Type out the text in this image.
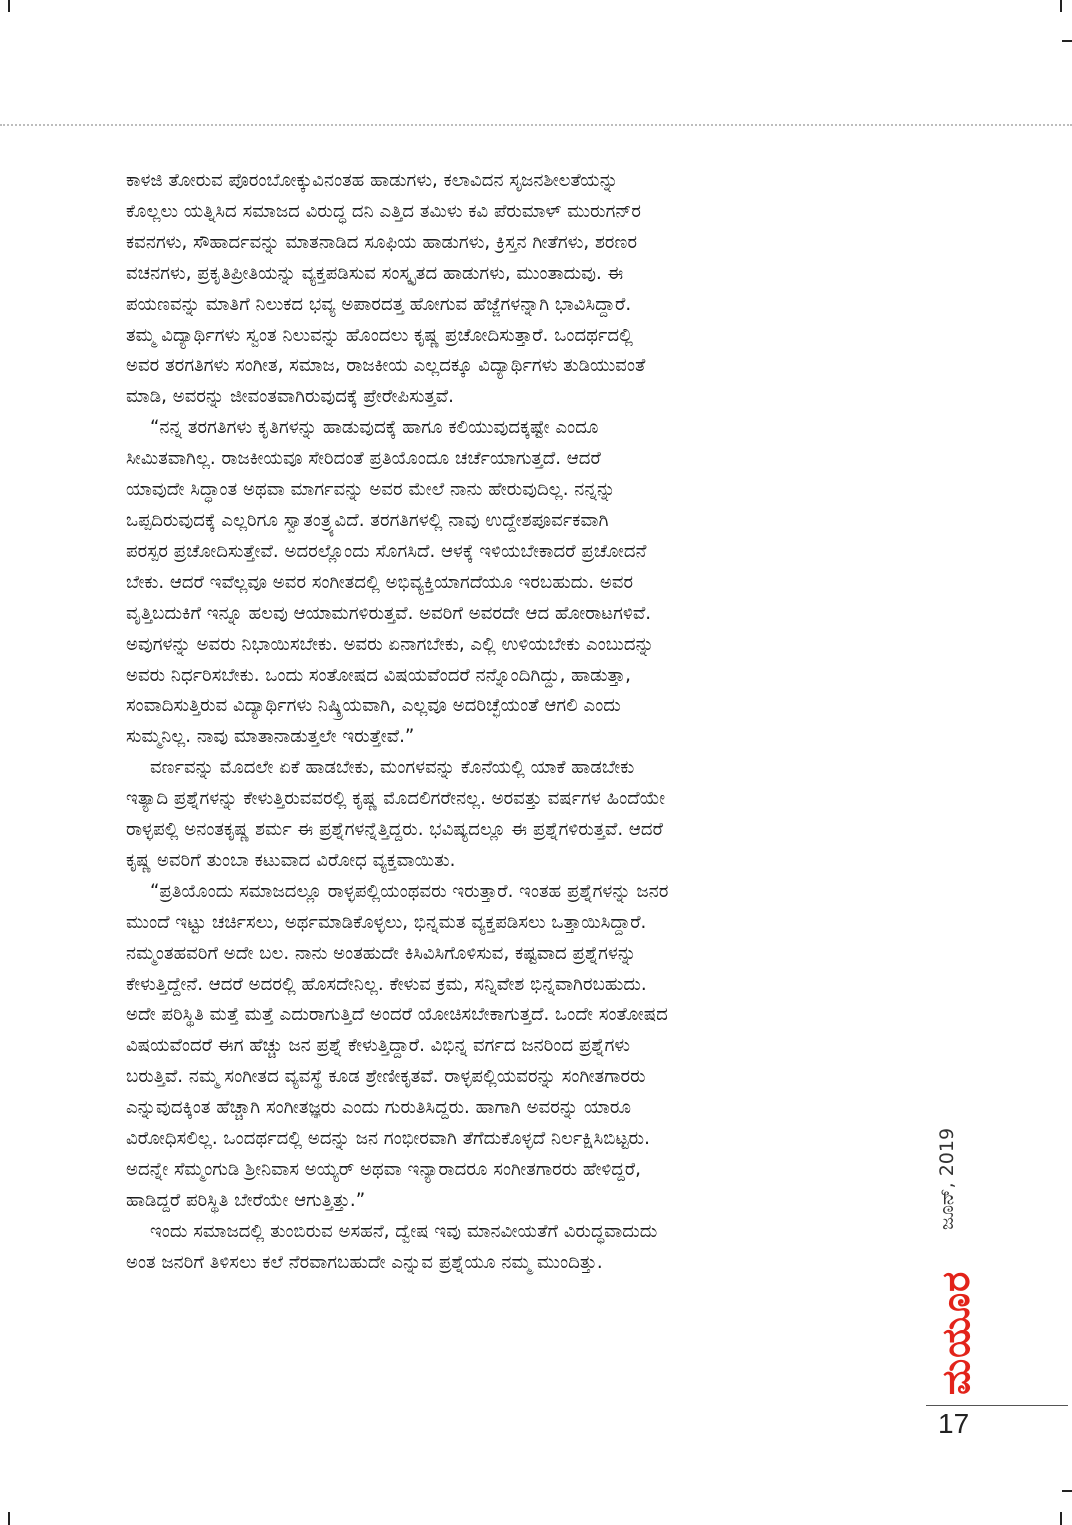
ಕಾಳಜಿ ತೋರುವ ಪೊರಂಬೋಕ್ಕುವಿನಂತಹ ಹಾಡುಗಳು, ಕಲಾವಿದನ ಸೃಜನಶೀಲತೆಯನ್ನು
ಕೊಲ್ಲಲು ಯತ್ನಿಸಿದ ಸಮಾಜದ ವಿರುದ್ಧ ದನಿ ಎತ್ತಿದ ತಮಿಳು ಕವಿ ಪೆರುಮಾಳ್ ಮುರುಗನ್‌ರ
ಕವನಗಳು, ಸೌಹಾರ್ದವನ್ನು ಮಾತನಾಡಿದ ಸೂಫಿಯ ಹಾಡುಗಳು, ಕ್ರಿಸ್ತನ ಗೀತೆಗಳು, ಶರಣರ
ವಚನಗಳು, ಪ್ರಕೃತಿಪ್ರೀತಿಯನ್ನು ವ್ಯಕ್ತಪಡಿಸುವ ಸಂಸ್ಕೃತದ ಹಾಡುಗಳು, ಮುಂತಾದುವು. ಈ
ಪಯಣವನ್ನು ಮಾತಿಗೆ ನಿಲುಕದ ಭವ್ಯ ಅಪಾರದತ್ತ ಹೋಗುವ ಹೆಜ್ಜೆಗಳನ್ನಾಗಿ ಭಾವಿಸಿದ್ದಾರೆ.
ತಮ್ಮ ವಿದ್ಯಾರ್ಥಿಗಳು ಸ್ವಂತ ನಿಲುವನ್ನು ಹೊಂದಲು ಕೃಷ್ಣ ಪ್ರಚೋದಿಸುತ್ತಾರೆ. ಒಂದರ್ಥದಲ್ಲಿ
ಅವರ ತರಗತಿಗಳು ಸಂಗೀತ, ಸಮಾಜ, ರಾಜಕೀಯ ಎಲ್ಲದಕ್ಕೂ ವಿದ್ಯಾರ್ಥಿಗಳು ತುಡಿಯುವಂತೆ
ಮಾಡಿ, ಅವರನ್ನು ಜೀವಂತವಾಗಿರುವುದಕ್ಕೆ ಪ್ರೇರೇಪಿಸುತ್ತವೆ.

“ನನ್ನ ತರಗತಿಗಳು ಕೃತಿಗಳನ್ನು ಹಾಡುವುದಕ್ಕೆ ಹಾಗೂ ಕಲಿಯುವುದಕ್ಕಷ್ಟೇ ಎಂದೂ
ಸೀಮಿತವಾಗಿಲ್ಲ. ರಾಜಕೀಯವೂ ಸೇರಿದಂತೆ ಪ್ರತಿಯೊಂದೂ ಚರ್ಚೆಯಾಗುತ್ತದೆ. ಆದರೆ
ಯಾವುದೇ ಸಿದ್ಧಾಂತ ಅಥವಾ ಮಾರ್ಗವನ್ನು ಅವರ ಮೇಲೆ ನಾನು ಹೇರುವುದಿಲ್ಲ. ನನ್ನನ್ನು
ಒಪ್ಪದಿರುವುದಕ್ಕೆ ಎಲ್ಲರಿಗೂ ಸ್ವಾತಂತ್ರ್ಯವಿದೆ. ತರಗತಿಗಳಲ್ಲಿ ನಾವು ಉದ್ದೇಶಪೂರ್ವಕವಾಗಿ
ಪರಸ್ಪರ ಪ್ರಚೋದಿಸುತ್ತೇವೆ. ಅದರಲ್ಲೊಂದು ಸೊಗಸಿದೆ. ಆಳಕ್ಕೆ ಇಳಿಯಬೇಕಾದರೆ ಪ್ರಚೋದನೆ
ಬೇಕು. ಆದರೆ ಇವೆಲ್ಲವೂ ಅವರ ಸಂಗೀತದಲ್ಲಿ ಅಭಿವ್ಯಕ್ತಿಯಾಗದೆಯೂ ಇರಬಹುದು. ಅವರ
ವೃತ್ತಿಬದುಕಿಗೆ ಇನ್ನೂ ಹಲವು ಆಯಾಮಗಳಿರುತ್ತವೆ. ಅವರಿಗೆ ಅವರದೇ ಆದ ಹೋರಾಟಗಳಿವೆ.
ಅವುಗಳನ್ನು ಅವರು ನಿಭಾಯಿಸಬೇಕು. ಅವರು ಏನಾಗಬೇಕು, ಎಲ್ಲಿ ಉಳಿಯಬೇಕು ಎಂಬುದನ್ನು
ಅವರು ನಿರ್ಧರಿಸಬೇಕು. ಒಂದು ಸಂತೋಷದ ವಿಷಯವೆಂದರೆ ನನ್ನೊಂದಿಗಿದ್ದು, ಹಾಡುತ್ತಾ,
ಸಂವಾದಿಸುತ್ತಿರುವ ವಿದ್ಯಾರ್ಥಿಗಳು ನಿಷ್ಕ್ರಿಯವಾಗಿ, ಎಲ್ಲವೂ ಅದರಿಚ್ಛೆಯಂತೆ ಆಗಲಿ ಎಂದು
ಸುಮ್ಮನಿಲ್ಲ. ನಾವು ಮಾತಾನಾಡುತ್ತಲೇ ಇರುತ್ತೇವೆ.”

ವರ್ಣವನ್ನು ಮೊದಲೇ ಏಕೆ ಹಾಡಬೇಕು, ಮಂಗಳವನ್ನು ಕೊನೆಯಲ್ಲಿ ಯಾಕೆ ಹಾಡಬೇಕು
ಇತ್ಯಾದಿ ಪ್ರಶ್ನೆಗಳನ್ನು ಕೇಳುತ್ತಿರುವವರಲ್ಲಿ ಕೃಷ್ಣ ಮೊದಲಿಗರೇನಲ್ಲ. ಅರವತ್ತು ವರ್ಷಗಳ ಹಿಂದೆಯೇ
ರಾಳ್ಳಪಲ್ಲಿ ಅನಂತಕೃಷ್ಣ ಶರ್ಮ ಈ ಪ್ರಶ್ನೆಗಳನ್ನೆತ್ತಿದ್ದರು. ಭವಿಷ್ಯದಲ್ಲೂ ಈ ಪ್ರಶ್ನೆಗಳಿರುತ್ತವೆ. ಆದರೆ
ಕೃಷ್ಣ ಅವರಿಗೆ ತುಂಬಾ ಕಟುವಾದ ವಿರೋಧ ವ್ಯಕ್ತವಾಯಿತು.

“ಪ್ರತಿಯೊಂದು ಸಮಾಜದಲ್ಲೂ ರಾಳ್ಳಪಲ್ಲಿಯಂಥವರು ಇರುತ್ತಾರೆ. ಇಂತಹ ಪ್ರಶ್ನೆಗಳನ್ನು ಜನರ
ಮುಂದೆ ಇಟ್ಟು ಚರ್ಚಿಸಲು, ಅರ್ಥಮಾಡಿಕೊಳ್ಳಲು, ಭಿನ್ನಮತ ವ್ಯಕ್ತಪಡಿಸಲು ಒತ್ತಾಯಿಸಿದ್ದಾರೆ.
ನಮ್ಮಂತಹವರಿಗೆ ಅದೇ ಬಲ. ನಾನು ಅಂತಹುದೇ ಕಿಸಿವಿಸಿಗೊಳಿಸುವ, ಕಷ್ಟವಾದ ಪ್ರಶ್ನೆಗಳನ್ನು
ಕೇಳುತ್ತಿದ್ದೇನೆ. ಆದರೆ ಅದರಲ್ಲಿ ಹೊಸದೇನಿಲ್ಲ. ಕೇಳುವ ಕ್ರಮ, ಸನ್ನಿವೇಶ ಭಿನ್ನವಾಗಿರಬಹುದು.
ಅದೇ ಪರಿಸ್ಥಿತಿ ಮತ್ತೆ ಮತ್ತೆ ಎದುರಾಗುತ್ತಿದೆ ಅಂದರೆ ಯೋಚಿಸಬೇಕಾಗುತ್ತದೆ. ಒಂದೇ ಸಂತೋಷದ
ವಿಷಯವೆಂದರೆ ಈಗ ಹೆಚ್ಚು ಜನ ಪ್ರಶ್ನೆ ಕೇಳುತ್ತಿದ್ದಾರೆ. ವಿಭಿನ್ನ ವರ್ಗದ ಜನರಿಂದ ಪ್ರಶ್ನೆಗಳು
ಬರುತ್ತಿವೆ. ನಮ್ಮ ಸಂಗೀತದ ವ್ಯವಸ್ಥೆ ಕೂಡ ಶ್ರೇಣೀಕೃತವೆ. ರಾಳ್ಳಪಲ್ಲಿಯವರನ್ನು ಸಂಗೀತಗಾರರು
ಎನ್ನುವುದಕ್ಕಿಂತ ಹೆಚ್ಚಾಗಿ ಸಂಗೀತಜ್ಞರು ಎಂದು ಗುರುತಿಸಿದ್ದರು. ಹಾಗಾಗಿ ಅವರನ್ನು ಯಾರೂ
ವಿರೋಧಿಸಲಿಲ್ಲ. ಒಂದರ್ಥದಲ್ಲಿ ಅದನ್ನು ಜನ ಗಂಭೀರವಾಗಿ ತೆಗೆದುಕೊಳ್ಳದೆ ನಿರ್ಲಕ್ಷಿಸಿಬಿಟ್ಟರು.
ಅದನ್ನೇ ಸೆಮ್ಮಂಗುಡಿ ಶ್ರೀನಿವಾಸ ಅಯ್ಯರ್ ಅಥವಾ ಇನ್ಯಾರಾದರೂ ಸಂಗೀತಗಾರರು ಹೇಳಿದ್ದರೆ,
ಹಾಡಿದ್ದರೆ ಪರಿಸ್ಥಿತಿ ಬೇರೆಯೇ ಆಗುತ್ತಿತ್ತು.”

ಇಂದು ಸಮಾಜದಲ್ಲಿ ತುಂಬಿರುವ ಅಸಹನೆ, ದ್ವೇಷ ಇವು ಮಾನವೀಯತೆಗೆ ವಿರುದ್ಧವಾದುದು
ಅಂತ ಜನರಿಗೆ ತಿಳಿಸಲು ಕಲೆ ನೆರವಾಗಬಹುದೇ ಎನ್ನುವ ಪ್ರಶ್ನೆಯೂ ನಮ್ಮ ಮುಂದಿತ್ತು.

ಜೂನ್, 2019
ಮಯೂರ
17
